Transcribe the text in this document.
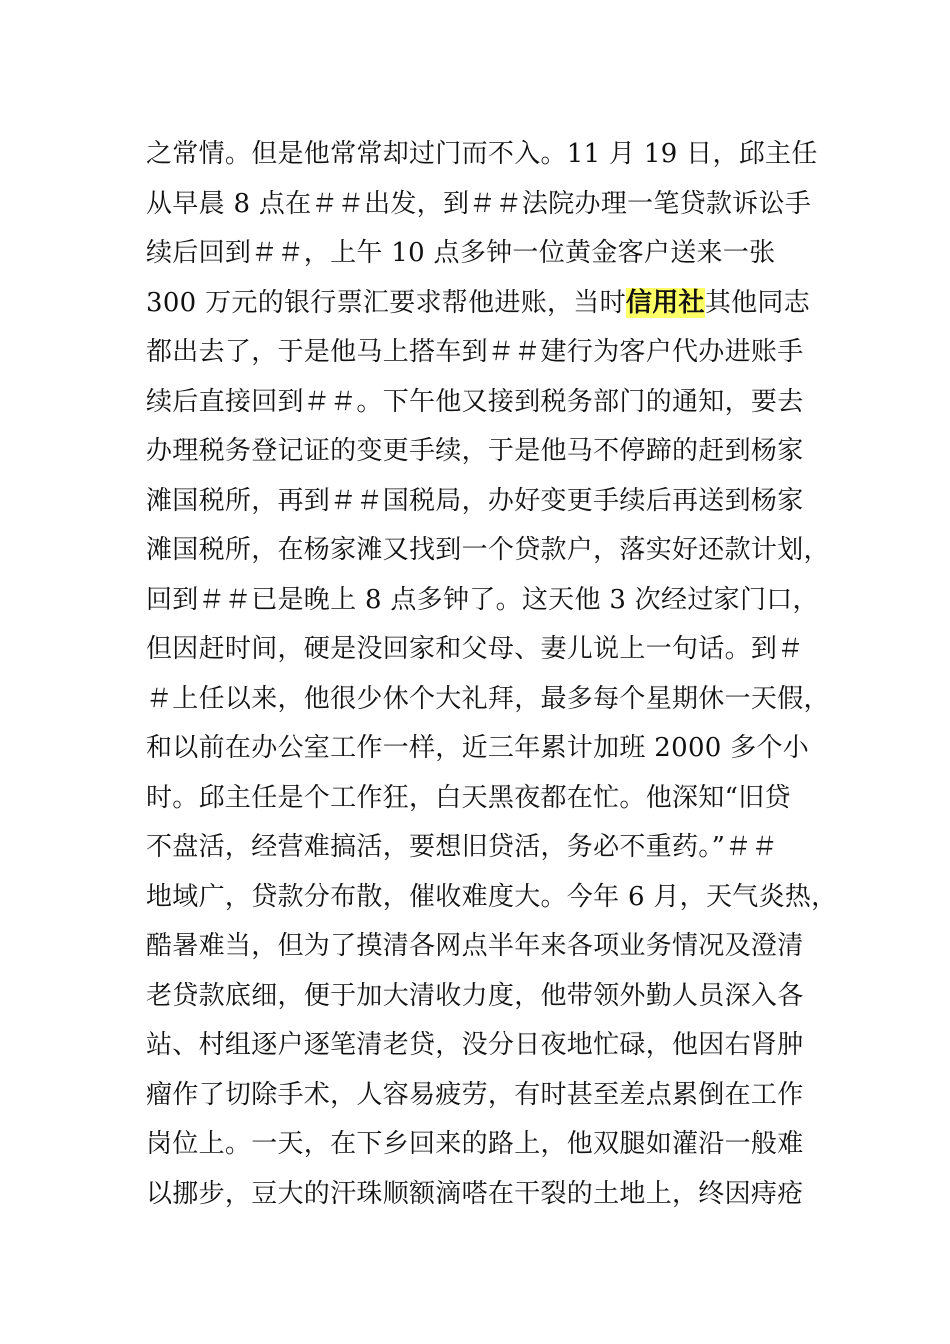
之常情。但是他常常却过门而不入。11 月 19 日，邱主任
从早晨 8 点在＃＃出发，到＃＃法院办理一笔贷款诉讼手
续后回到＃＃，上午 10 点多钟一位黄金客户送来一张
300 万元的银行票汇要求帮他进账，当时信用社其他同志
都出去了，于是他马上搭车到＃＃建行为客户代办进账手
续后直接回到＃＃。下午他又接到税务部门的通知，要去
办理税务登记证的变更手续，于是他马不停蹄的赶到杨家
滩国税所，再到＃＃国税局，办好变更手续后再送到杨家
滩国税所，在杨家滩又找到一个贷款户，落实好还款计划，
回到＃＃已是晚上 8 点多钟了。这天他 3 次经过家门口，
但因赶时间，硬是没回家和父母、妻儿说上一句话。到＃
＃上任以来，他很少休个大礼拜，最多每个星期休一天假，
和以前在办公室工作一样，近三年累计加班 2000 多个小
时。邱主任是个工作狂，白天黑夜都在忙。他深知“旧贷
不盘活，经营难搞活，要想旧贷活，务必不重药。”＃＃
地域广，贷款分布散，催收难度大。今年 6 月，天气炎热，
酷暑难当，但为了摸清各网点半年来各项业务情况及澄清
老贷款底细，便于加大清收力度，他带领外勤人员深入各
站、村组逐户逐笔清老贷，没分日夜地忙碌，他因右肾肿
瘤作了切除手术，人容易疲劳，有时甚至差点累倒在工作
岗位上。一天，在下乡回来的路上，他双腿如灌沿一般难
以挪步，豆大的汗珠顺额滴嗒在干裂的土地上，终因痔疮
